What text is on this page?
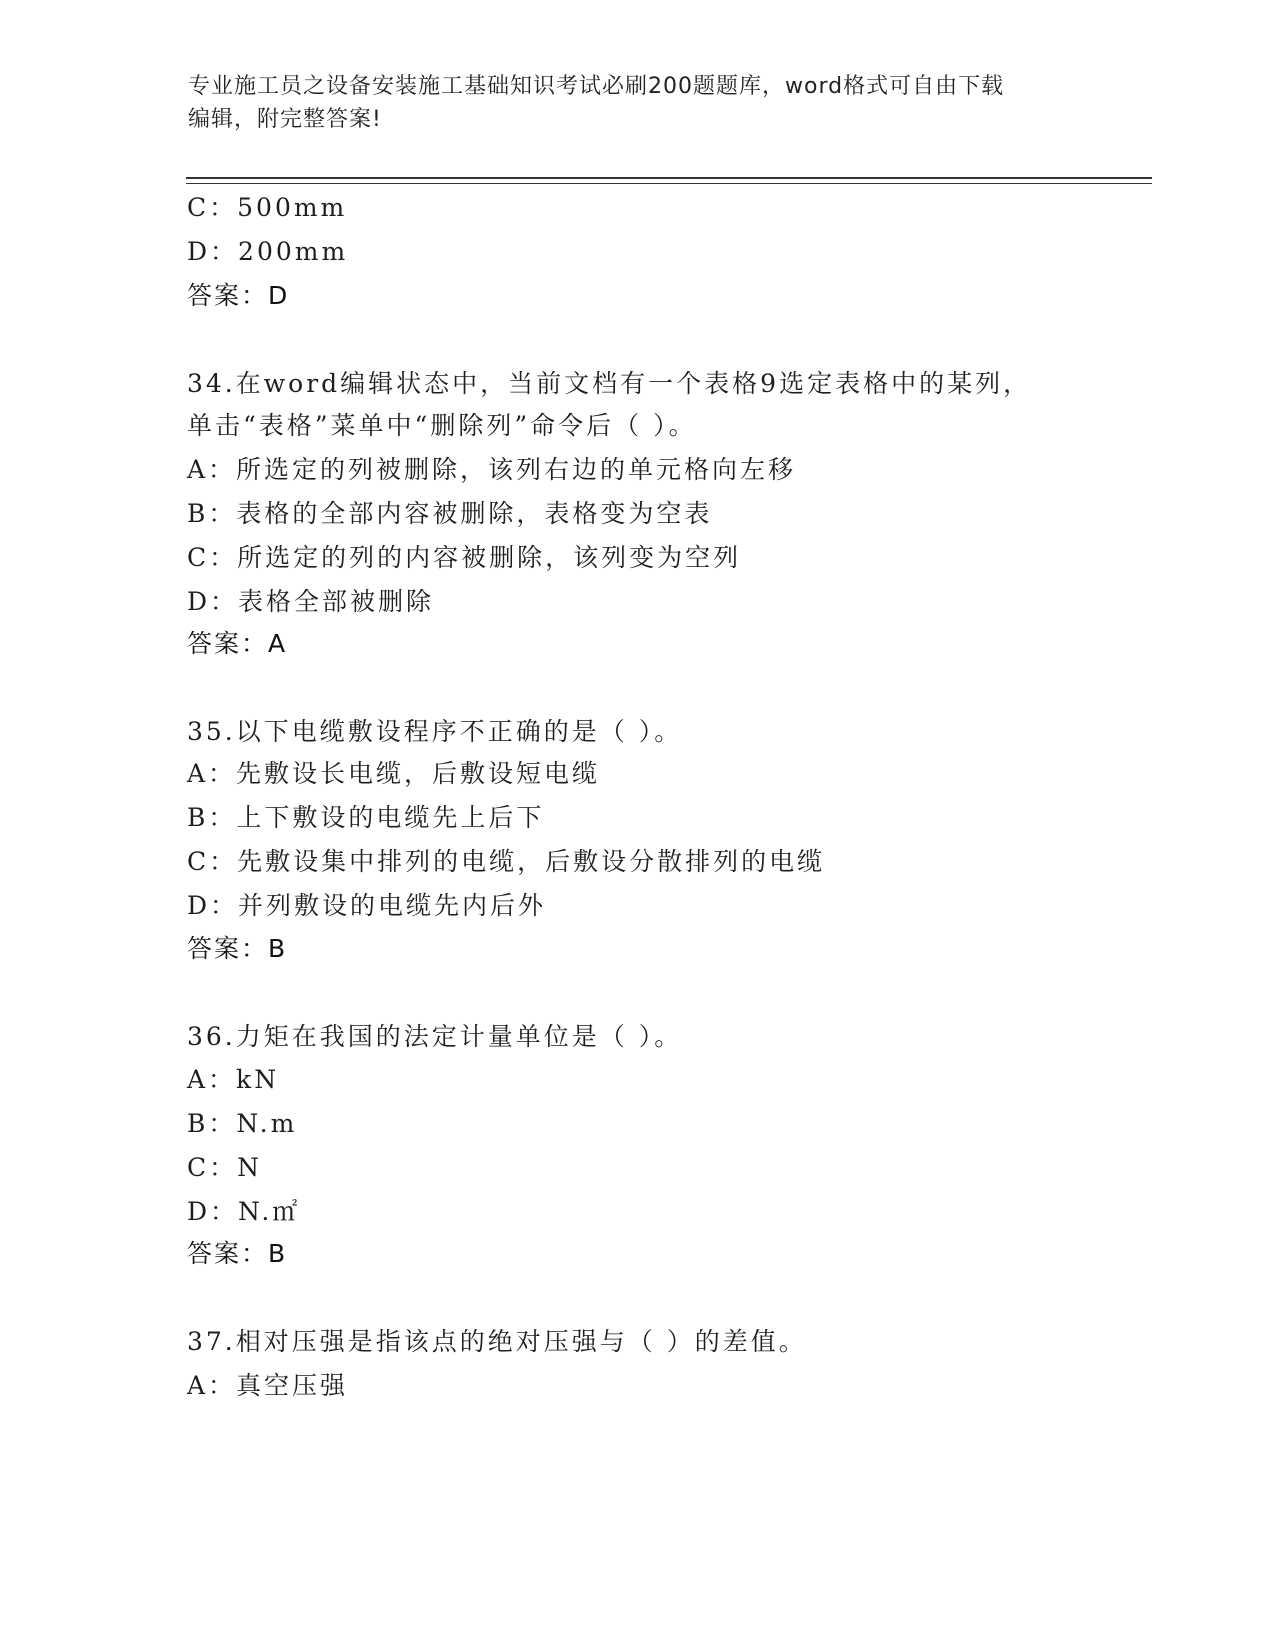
专业施工员之设备安装施工基础知识考试必刷200题题库，word格式可自由下载
编辑，附完整答案!
C：500mm
D：200mm
答案：D
34.在word编辑状态中，当前文档有一个表格9选定表格中的某列，
单击“表格”菜单中“删除列”命令后（ ）。
A：所选定的列被删除，该列右边的单元格向左移
B：表格的全部内容被删除，表格变为空表
C：所选定的列的内容被删除，该列变为空列
D：表格全部被删除
答案：A
35.以下电缆敷设程序不正确的是（ ）。
A：先敷设长电缆，后敷设短电缆
B：上下敷设的电缆先上后下
C：先敷设集中排列的电缆，后敷设分散排列的电缆
D：并列敷设的电缆先内后外
答案：B
36.力矩在我国的法定计量单位是（ ）。
A：kN
B：N.m
C：N
D：N.㎡
答案：B
37.相对压强是指该点的绝对压强与（ ）的差值。
A：真空压强
